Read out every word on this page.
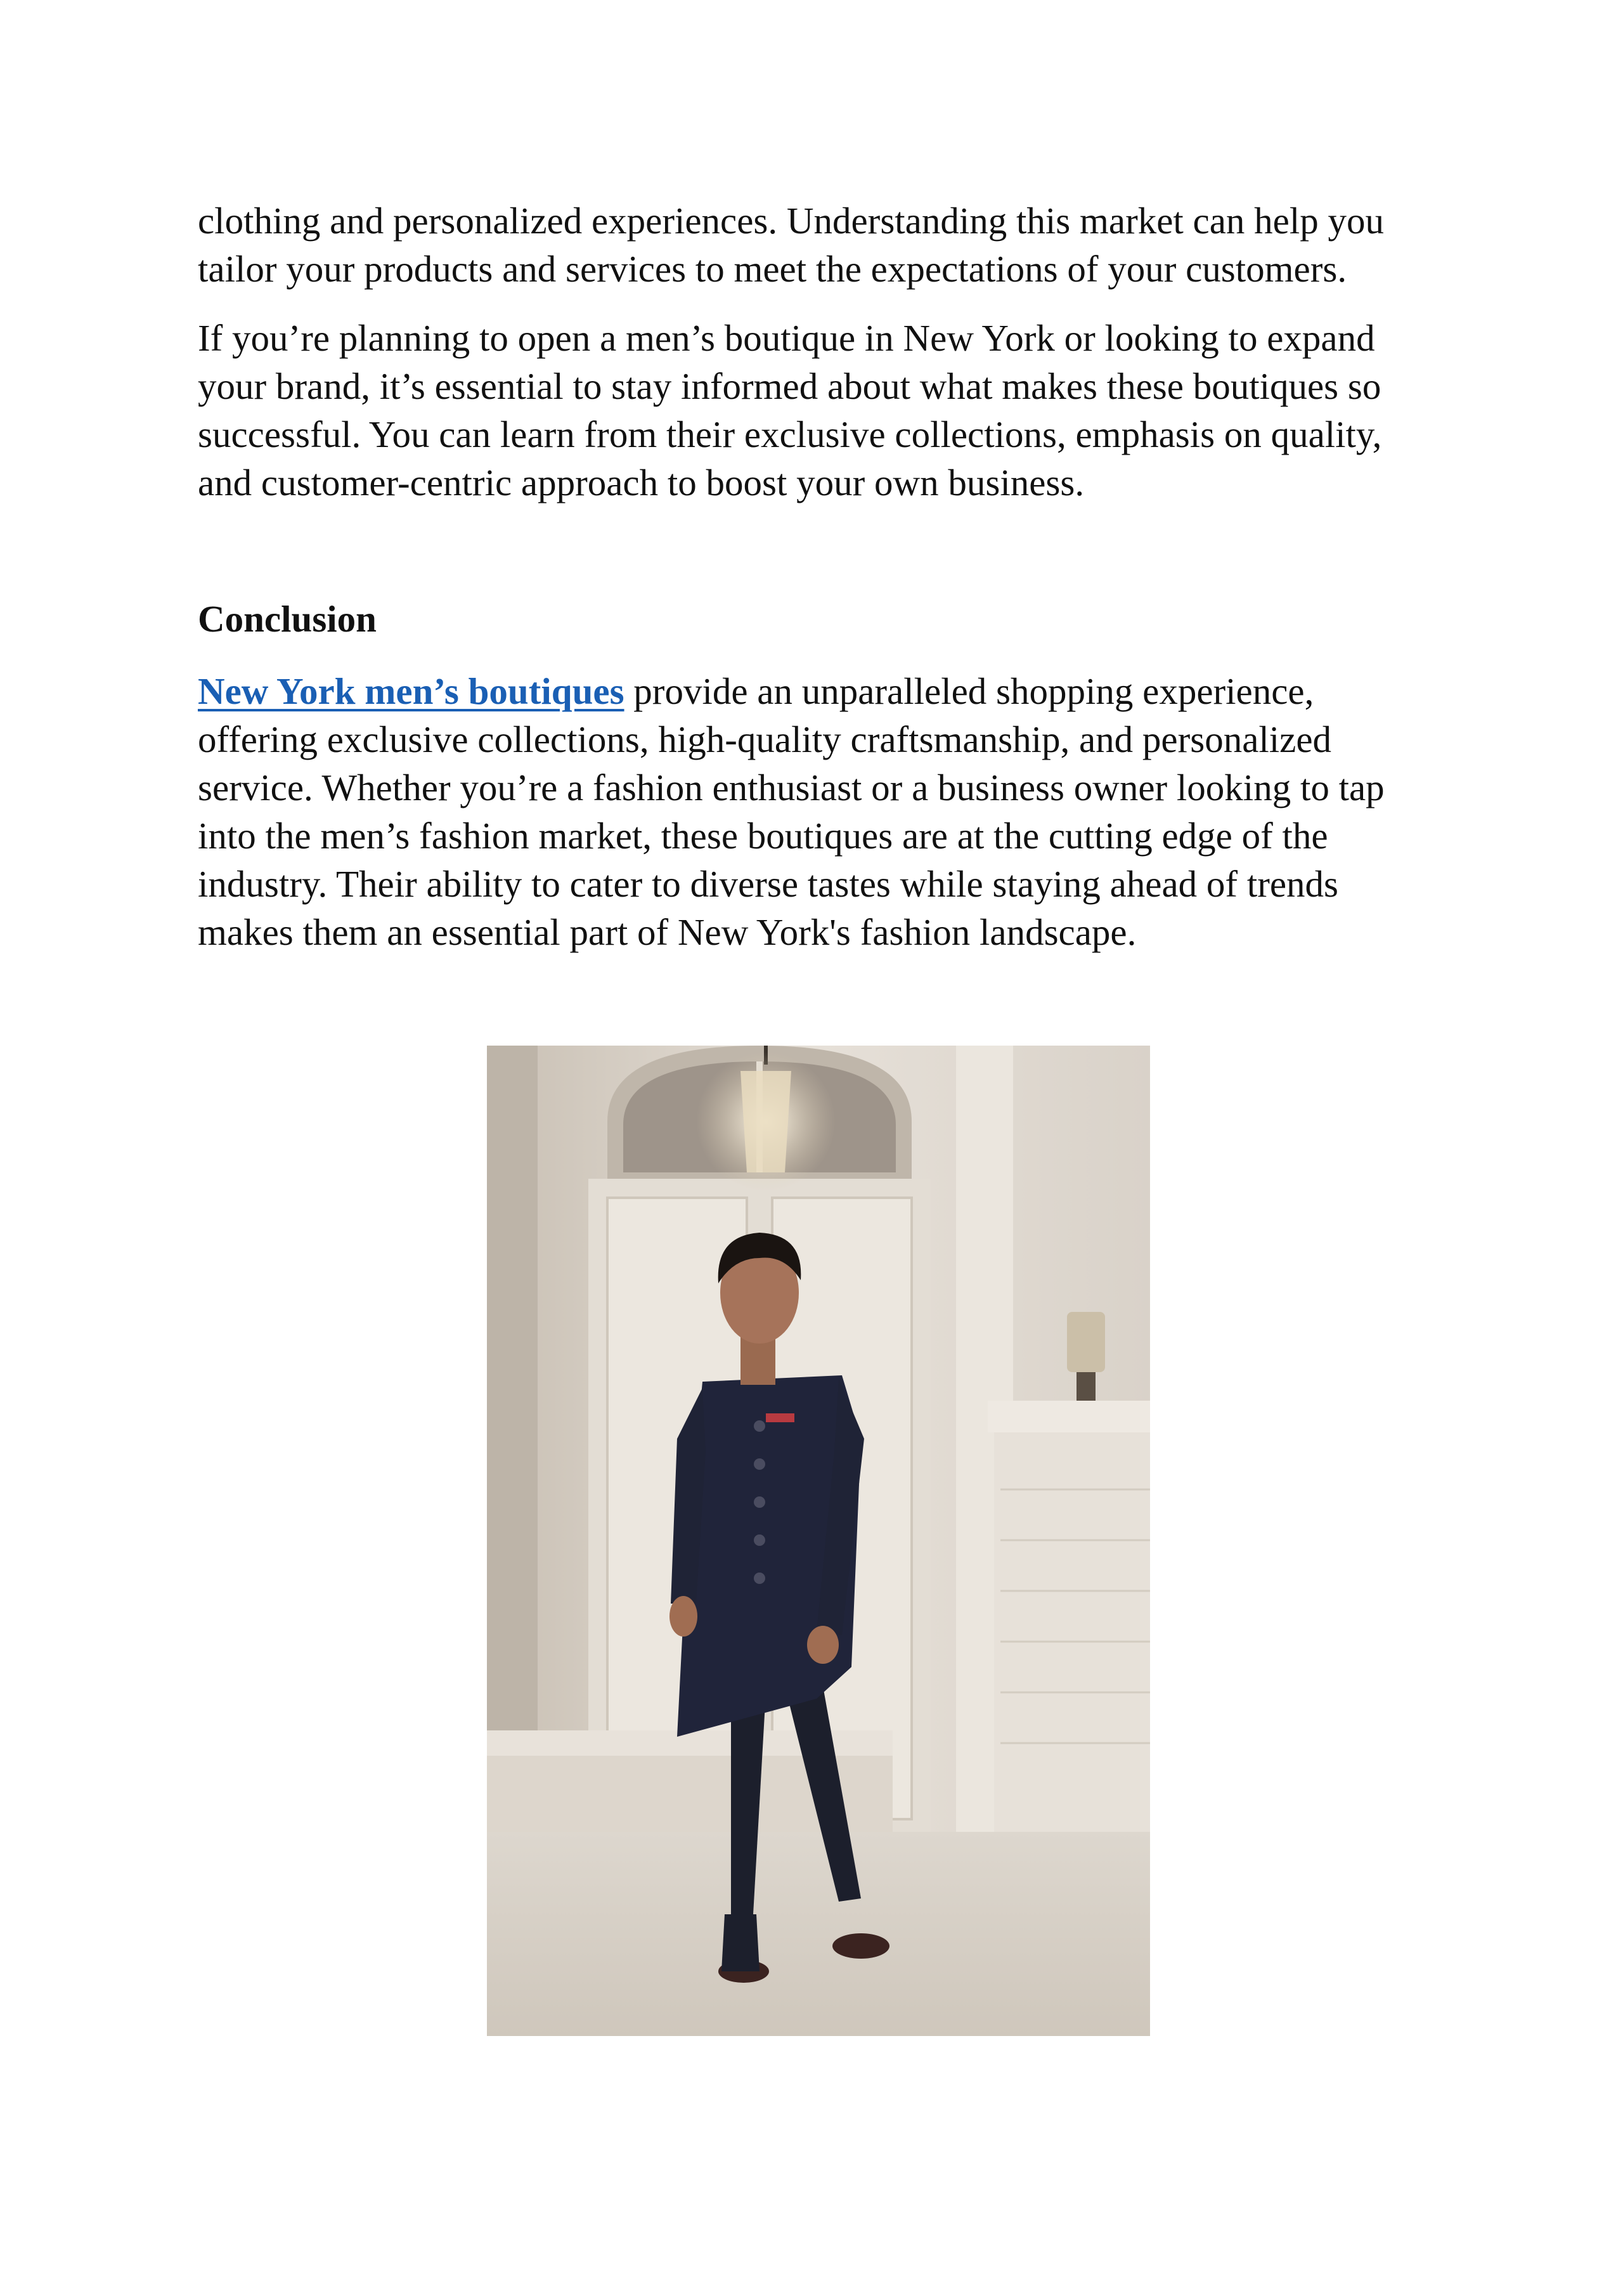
clothing and personalized experiences. Understanding this market can help you tailor your products and services to meet the expectations of your customers.

If you’re planning to open a men’s boutique in New York or looking to expand your brand, it’s essential to stay informed about what makes these boutiques so successful. You can learn from their exclusive collections, emphasis on quality, and customer-centric approach to boost your own business.

Conclusion

New York men’s boutiques provide an unparalleled shopping experience, offering exclusive collections, high-quality craftsmanship, and personalized service. Whether you’re a fashion enthusiast or a business owner looking to tap into the men’s fashion market, these boutiques are at the cutting edge of the industry. Their ability to cater to diverse tastes while staying ahead of trends makes them an essential part of New York's fashion landscape.
